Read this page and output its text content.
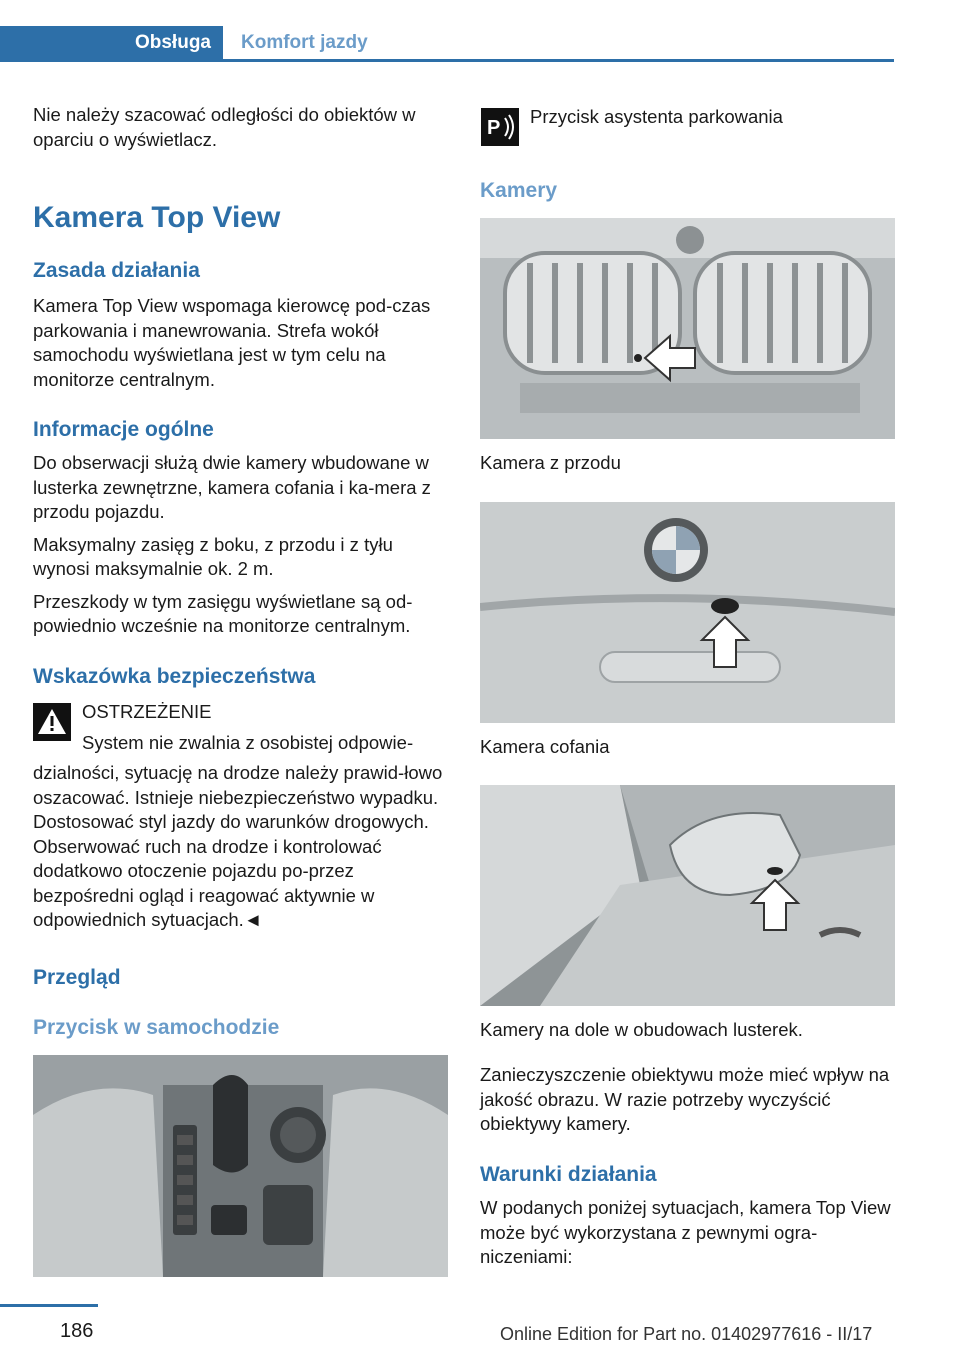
Obsługa	Komfort jazdy

Nie należy szacować odległości do obiektów w oparciu o wyświetlacz.

Kamera Top View
Zasada działania

Kamera Top View wspomaga kierowcę pod-czas parkowania i manewrowania. Strefa wokół samochodu wyświetlana jest w tym celu na monitorze centralnym.

Informacje ogólne

Do obserwacji służą dwie kamery wbudowane w lusterka zewnętrzne, kamera cofania i ka-mera z przodu pojazdu.

Maksymalny zasięg z boku, z przodu i z tyłu wynosi maksymalnie ok. 2 m.

Przeszkody w tym zasięgu wyświetlane są od-powiednio wcześnie na monitorze centralnym.

Wskazówka bezpieczeństwa

OSTRZEŻENIE

System nie zwalnia z osobistej odpowie-

dzialności, sytuację na drodze należy prawid-łowo oszacować. Istnieje niebezpieczeństwo wypadku. Dostosować styl jazdy do warunków drogowych. Obserwować ruch na drodze i kontrolować dodatkowo otoczenie pojazdu po-przez bezpośredni ogląd i reagować aktywnie w odpowiednich sytuacjach.◄

Przegląd
Przycisk w samochodzie
P

Przycisk asystenta parkowania

Kamery
Kamera z przodu
Kamera cofania
Kamery na dole w obudowach lusterek.

Zanieczyszczenie obiektywu może mieć wpływ na jakość obrazu. W razie potrzeby wyczyścić obiektywy kamery.

Warunki działania

W podanych poniżej sytuacjach, kamera Top View może być wykorzystana z pewnymi ogra-niczeniami:

186	Online Edition for Part no. 01402977616 - II/17
